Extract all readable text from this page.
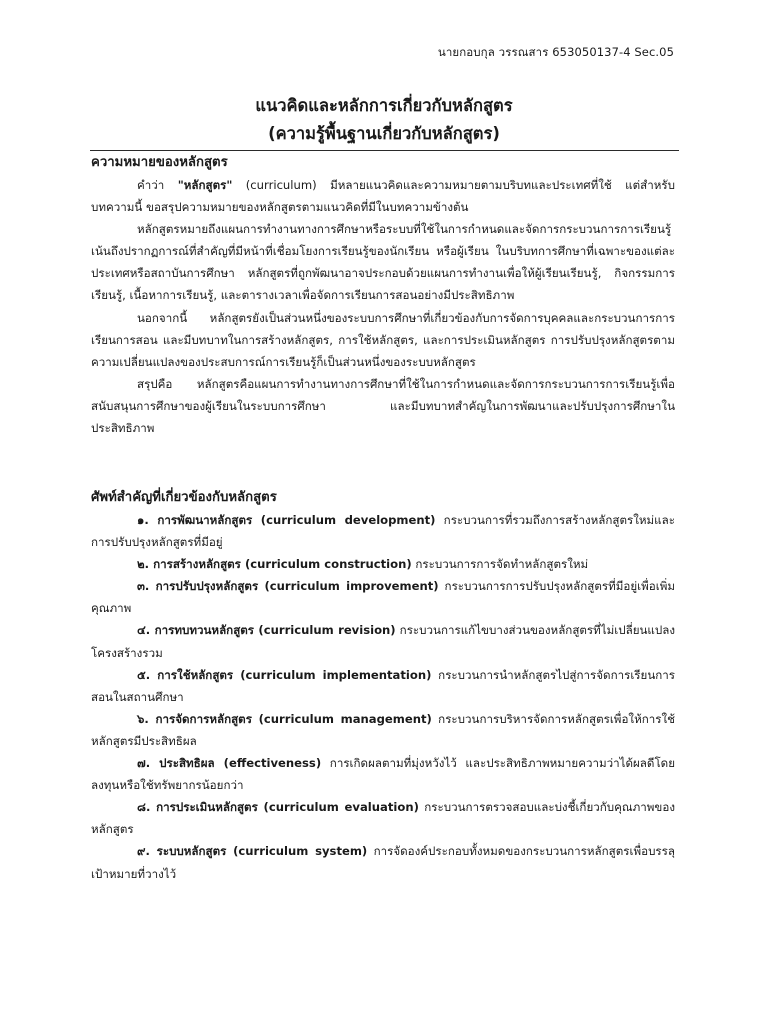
นายกอบกุล วรรณสาร 653050137-4 Sec.05
แนวคิดและหลักการเกี่ยวกับหลักสูตร
(ความรู้พื้นฐานเกี่ยวกับหลักสูตร)
ความหมายของหลักสูตร

คำว่า "หลักสูตร" (curriculum) มีหลายแนวคิดและความหมายตามบริบทและประเทศที่ใช้ แต่สำหรับบทความนี้ ขอสรุปความหมายของหลักสูตรตามแนวคิดที่มีในบทความข้างต้น

หลักสูตรหมายถึงแผนการทำงานทางการศึกษาหรือระบบที่ใช้ในการกำหนดและจัดการกระบวนการการเรียนรู้ เน้นถึงปรากฏการณ์ที่สำคัญที่มีหน้าที่เชื่อมโยงการเรียนรู้ของนักเรียน หรือผู้เรียน ในบริบทการศึกษาที่เฉพาะของแต่ละประเทศหรือสถาบันการศึกษา หลักสูตรที่ถูกพัฒนาอาจประกอบด้วยแผนการทำงานเพื่อให้ผู้เรียนเรียนรู้, กิจกรรมการเรียนรู้, เนื้อหาการเรียนรู้, และตารางเวลาเพื่อจัดการเรียนการสอนอย่างมีประสิทธิภาพ

นอกจากนี้ หลักสูตรยังเป็นส่วนหนึ่งของระบบการศึกษาที่เกี่ยวข้องกับการจัดการบุคคลและกระบวนการการเรียนการสอน และมีบทบาทในการสร้างหลักสูตร, การใช้หลักสูตร, และการประเมินหลักสูตร การปรับปรุงหลักสูตรตามความเปลี่ยนแปลงของประสบการณ์การเรียนรู้ก็เป็นส่วนหนึ่งของระบบหลักสูตร

สรุปคือ หลักสูตรคือแผนการทำงานทางการศึกษาที่ใช้ในการกำหนดและจัดการกระบวนการการเรียนรู้เพื่อสนับสนุนการศึกษาของผู้เรียนในระบบการศึกษา และมีบทบาทสำคัญในการพัฒนาและปรับปรุงการศึกษาในประสิทธิภาพ

ศัพท์สำคัญที่เกี่ยวข้องกับหลักสูตร

๑. การพัฒนาหลักสูตร (curriculum development) กระบวนการที่รวมถึงการสร้างหลักสูตรใหม่และการปรับปรุงหลักสูตรที่มีอยู่

๒. การสร้างหลักสูตร (curriculum construction) กระบวนการการจัดทำหลักสูตรใหม่

๓. การปรับปรุงหลักสูตร (curriculum improvement) กระบวนการการปรับปรุงหลักสูตรที่มีอยู่เพื่อเพิ่มคุณภาพ

๔. การทบทวนหลักสูตร (curriculum revision) กระบวนการแก้ไขบางส่วนของหลักสูตรที่ไม่เปลี่ยนแปลงโครงสร้างรวม

๕. การใช้หลักสูตร (curriculum implementation) กระบวนการนำหลักสูตรไปสู่การจัดการเรียนการสอนในสถานศึกษา

๖. การจัดการหลักสูตร (curriculum management) กระบวนการบริหารจัดการหลักสูตรเพื่อให้การใช้หลักสูตรมีประสิทธิผล

๗. ประสิทธิผล (effectiveness) การเกิดผลตามที่มุ่งหวังไว้ และประสิทธิภาพหมายความว่าได้ผลดีโดยลงทุนหรือใช้ทรัพยากรน้อยกว่า

๘. การประเมินหลักสูตร (curriculum evaluation) กระบวนการตรวจสอบและบ่งชี้เกี่ยวกับคุณภาพของหลักสูตร

๙. ระบบหลักสูตร (curriculum system) การจัดองค์ประกอบทั้งหมดของกระบวนการหลักสูตรเพื่อบรรลุเป้าหมายที่วางไว้
